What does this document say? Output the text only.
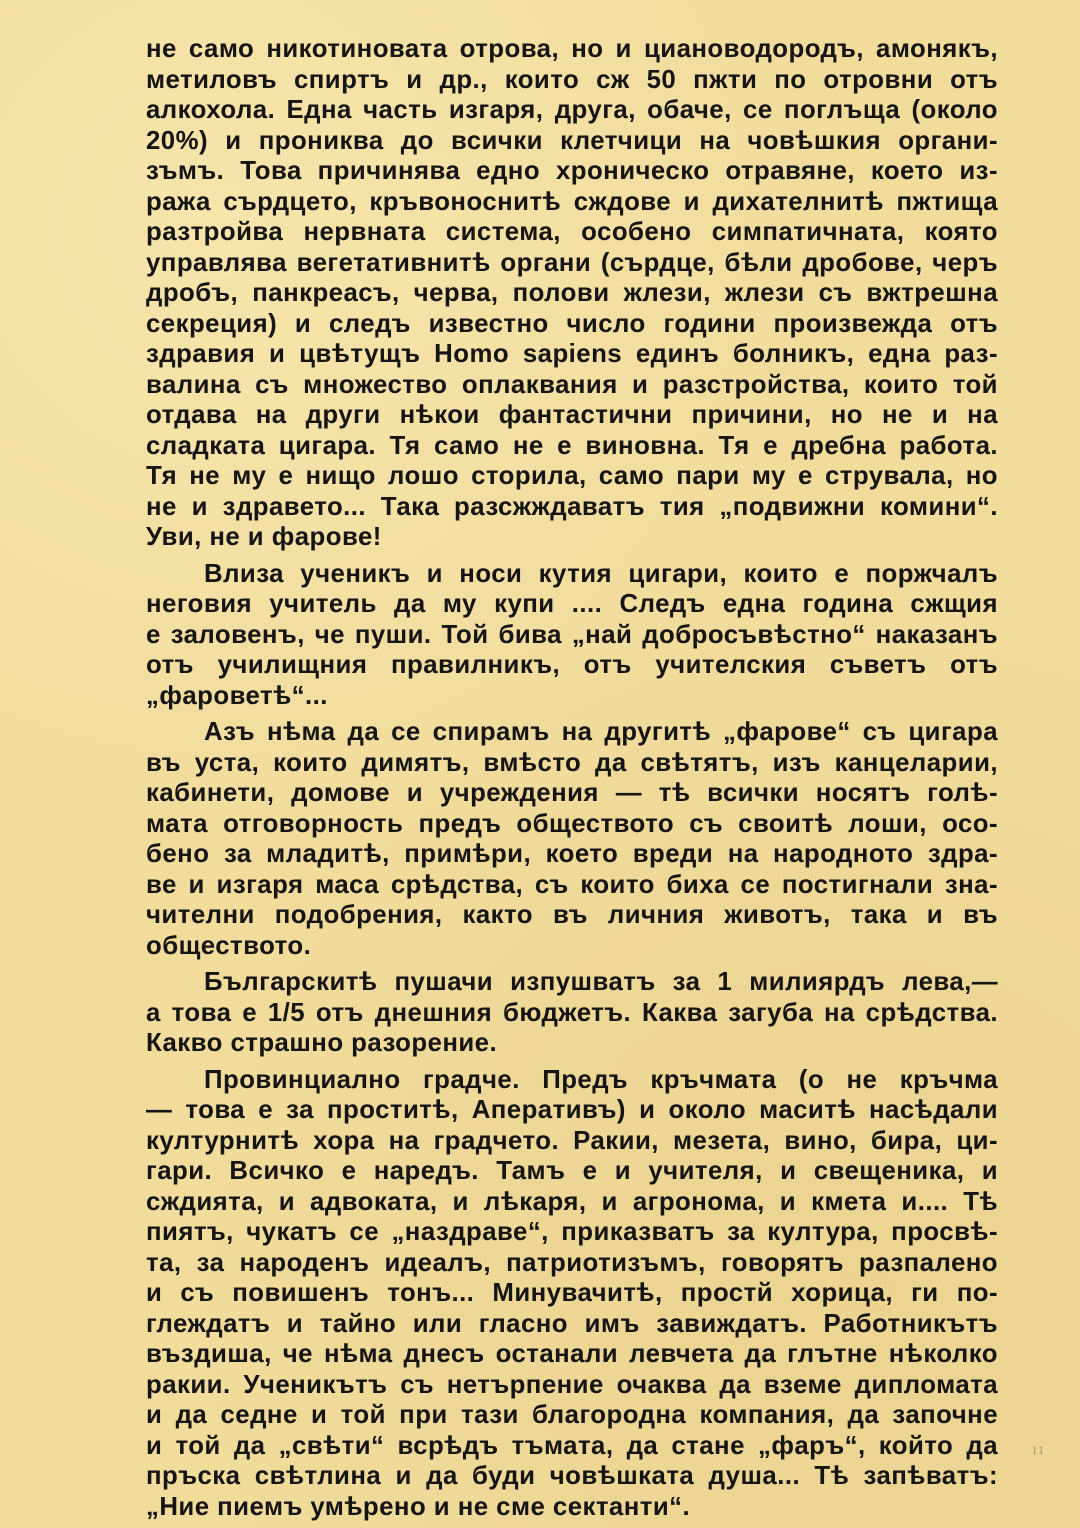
не само никотиновата отрова, но и циановодородъ, амонякъ,
метиловъ спиртъ и др., които сж 50 пжти по отровни отъ
алкохола. Една часть изгаря, друга, обаче, се поглъща (около
20%) и прониква до всички клетчици на човѣшкия органи-
зъмъ. Това причинява едно хроническо отравяне, което из-
ража сърдцето, кръвоноснитѣ сждове и дихателнитѣ пжтища
разтройва нервната система, особено симпатичната, която
управлява вегетативнитѣ органи (сърдце, бѣли дробове, черъ
дробъ, панкреасъ, черва, полови жлези, жлези съ вжтрешна
секреция) и следъ известно число години произвежда отъ
здравия и цвѣтущъ Homo sapiens единъ болникъ, една раз-
валина съ множество оплаквания и разстройства, които той
отдава на други нѣкои фантастични причини, но не и на
сладката цигара. Тя само не е виновна. Тя е дребна работа.
Тя не му е нищо лошо сторила, само пари му е струвала, но
не и здравето... Така разсжждаватъ тия „подвижни комини“.
Уви, не и фарове!

Влиза ученикъ и носи кутия цигари, които е поржчалъ
неговия учитель да му купи .... Следъ една година сжщия
е заловенъ, че пуши. Той бива „най добросъвѣстно“ наказанъ
отъ училищния правилникъ, отъ учителския съветъ отъ
„фароветѣ“...

Азъ нѣма да се спирамъ на другитѣ „фарове“ съ цигара
въ уста, които димятъ, вмѣсто да свѣтятъ, изъ канцеларии,
кабинети, домове и учреждения — тѣ всички носятъ голѣ-
мата отговорность предъ обществото съ своитѣ лоши, осо-
бено за младитѣ, примѣри, което вреди на народното здра-
ве и изгаря маса срѣдства, съ които биха се постигнали зна-
чителни подобрения, както въ личния животъ, така и въ
обществото.

Българскитѣ пушачи изпушватъ за 1 милиярдъ лева,—
а това е 1/5 отъ днешния бюджетъ. Каква загуба на срѣдства.
Какво страшно разорение.

Провинциално градче. Предъ кръчмата (о не кръчма
— това е за проститѣ, Аперативъ) и около маситѣ насѣдали
културнитѣ хора на градчето. Ракии, мезета, вино, бира, ци-
гари. Всичко е наредъ. Тамъ е и учителя, и свещеника, и
сждията, и адвоката, и лѣкаря, и агронома, и кмета и.... Тѣ
пиятъ, чукатъ се „наздраве“, приказватъ за култура, просвѣ-
та, за народенъ идеалъ, патриотизъмъ, говорятъ разпалено
и съ повишенъ тонъ... Минувачитѣ, простй хорица, ги по-
глеждатъ и тайно или гласно имъ завиждатъ. Работникътъ
въздиша, че нѣма днесъ останали левчета да глътне нѣколко
ракии. Ученикътъ съ нетърпение очаква да вземе дипломата
и да седне и той при тази благородна компания, да започне
и той да „свѣти“ всрѣдъ тъмата, да стане „фаръ“, който да
пръска свѣтлина и да буди човѣшката душа... Тѣ запѣватъ:
„Ние пиемъ умѣрено и не сме сектанти“.

11
